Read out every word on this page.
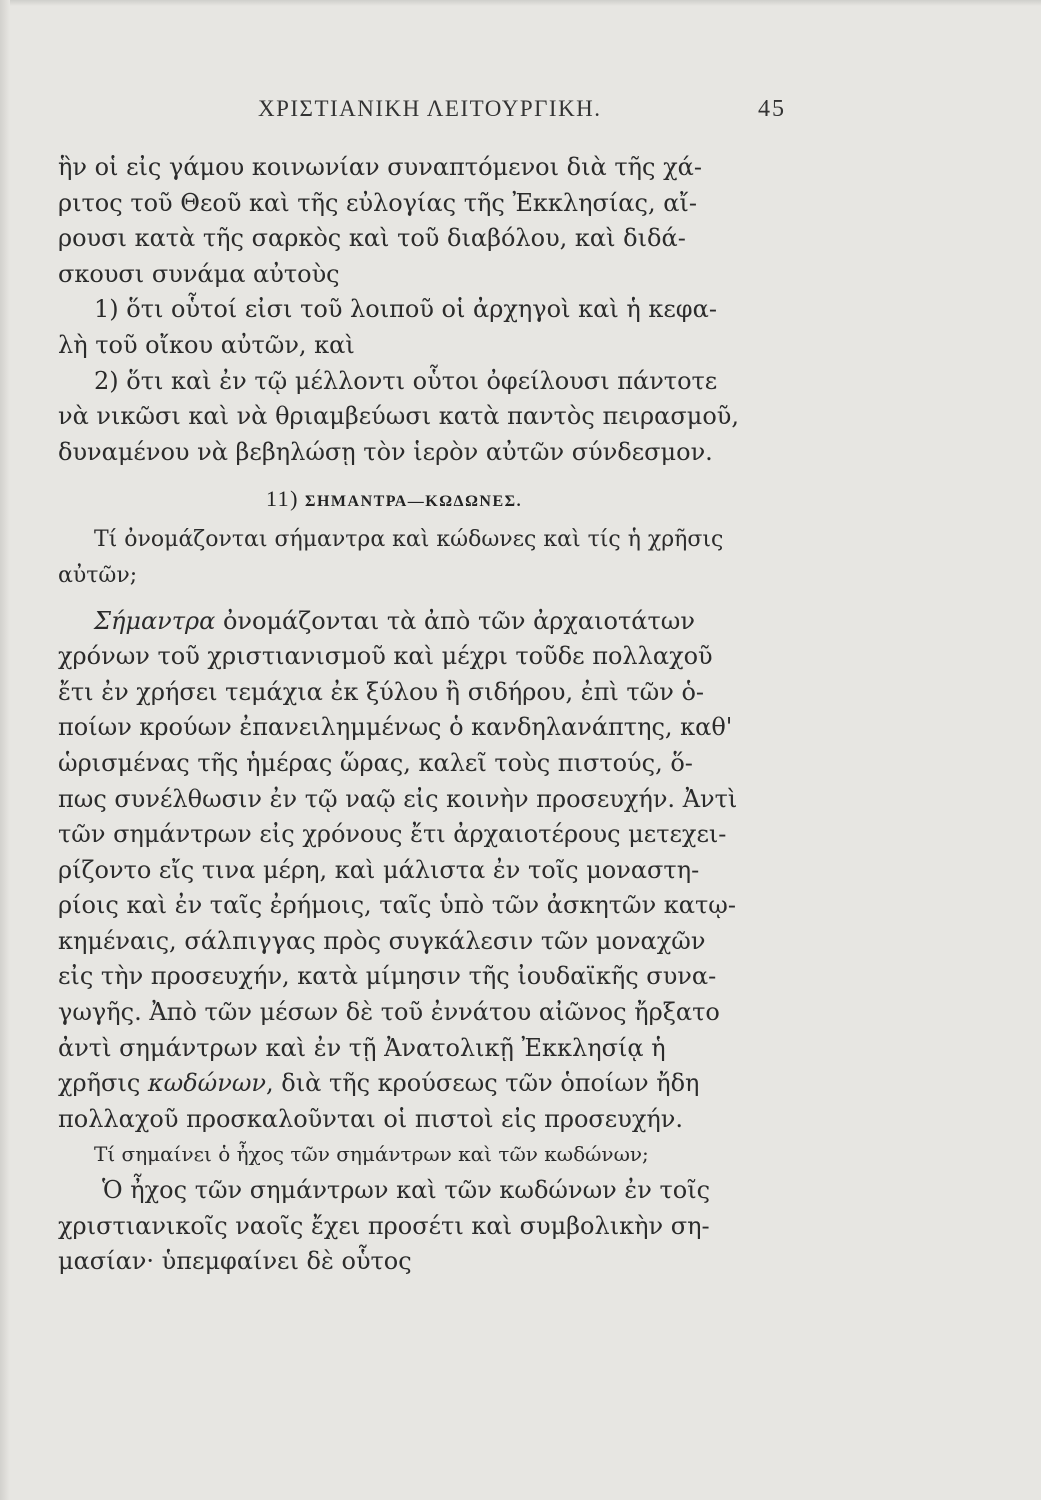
ΧΡΙΣΤΙΑΝΙΚΗ ΛΕΙΤΟΥΡΓΙΚΗ.	45
ἣν οἱ εἰς γάμου κοινωνίαν συναπτόμενοι διὰ τῆς χά-
ριτος τοῦ Θεοῦ καὶ τῆς εὐλογίας τῆς Ἐκκλησίας, αἴ-
ρουσι κατὰ τῆς σαρκὸς καὶ τοῦ διαβόλου, καὶ διδά-
σκουσι συνάμα αὐτοὺς
1) ὅτι οὗτοί εἰσι τοῦ λοιποῦ οἱ ἀρχηγοὶ καὶ ἡ κεφα-
λὴ τοῦ οἴκου αὐτῶν, καὶ
2) ὅτι καὶ ἐν τῷ μέλλοντι οὗτοι ὀφείλουσι πάντοτε
νὰ νικῶσι καὶ νὰ θριαμβεύωσι κατὰ παντὸς πειρασμοῦ,
δυναμένου νὰ βεβηλώσῃ τὸν ἱερὸν αὐτῶν σύνδεσμον.
11) ΣΗΜΑΝΤΡΑ—ΚΩΔΩΝΕΣ.
Τί ὀνομάζονται σήμαντρα καὶ κώδωνες καὶ τίς ἡ χρῆσις
αὐτῶν;
Σήμαντρα ὀνομάζονται τὰ ἀπὸ τῶν ἀρχαιοτάτων
χρόνων τοῦ χριστιανισμοῦ καὶ μέχρι τοῦδε πολλαχοῦ
ἔτι ἐν χρήσει τεμάχια ἐκ ξύλου ἢ σιδήρου, ἐπὶ τῶν ὁ-
ποίων κρούων ἐπανειλημμένως ὁ κανδηλανάπτης, καθ'
ὡρισμένας τῆς ἡμέρας ὥρας, καλεῖ τοὺς πιστούς, ὅ-
πως συνέλθωσιν ἐν τῷ ναῷ εἰς κοινὴν προσευχήν. Ἀντὶ
τῶν σημάντρων εἰς χρόνους ἔτι ἀρχαιοτέρους μετεχει-
ρίζοντο εἴς τινα μέρη, καὶ μάλιστα ἐν τοῖς μοναστη-
ρίοις καὶ ἐν ταῖς ἐρήμοις, ταῖς ὑπὸ τῶν ἀσκητῶν κατῳ-
κημέναις, σάλπιγγας πρὸς συγκάλεσιν τῶν μοναχῶν
εἰς τὴν προσευχήν, κατὰ μίμησιν τῆς ἰουδαϊκῆς συνα-
γωγῆς. Ἀπὸ τῶν μέσων δὲ τοῦ ἐννάτου αἰῶνος ἤρξατο
ἀντὶ σημάντρων καὶ ἐν τῇ Ἀνατολικῇ Ἐκκλησίᾳ ἡ
χρῆσις κωδώνων, διὰ τῆς κρούσεως τῶν ὁποίων ἤδη
πολλαχοῦ προσκαλοῦνται οἱ πιστοὶ εἰς προσευχήν.
Τί σημαίνει ὁ ἦχος τῶν σημάντρων καὶ τῶν κωδώνων;
Ὁ ἦχος τῶν σημάντρων καὶ τῶν κωδώνων ἐν τοῖς
χριστιανικοῖς ναοῖς ἔχει προσέτι καὶ συμβολικὴν ση-
μασίαν· ὑπεμφαίνει δὲ οὗτος
